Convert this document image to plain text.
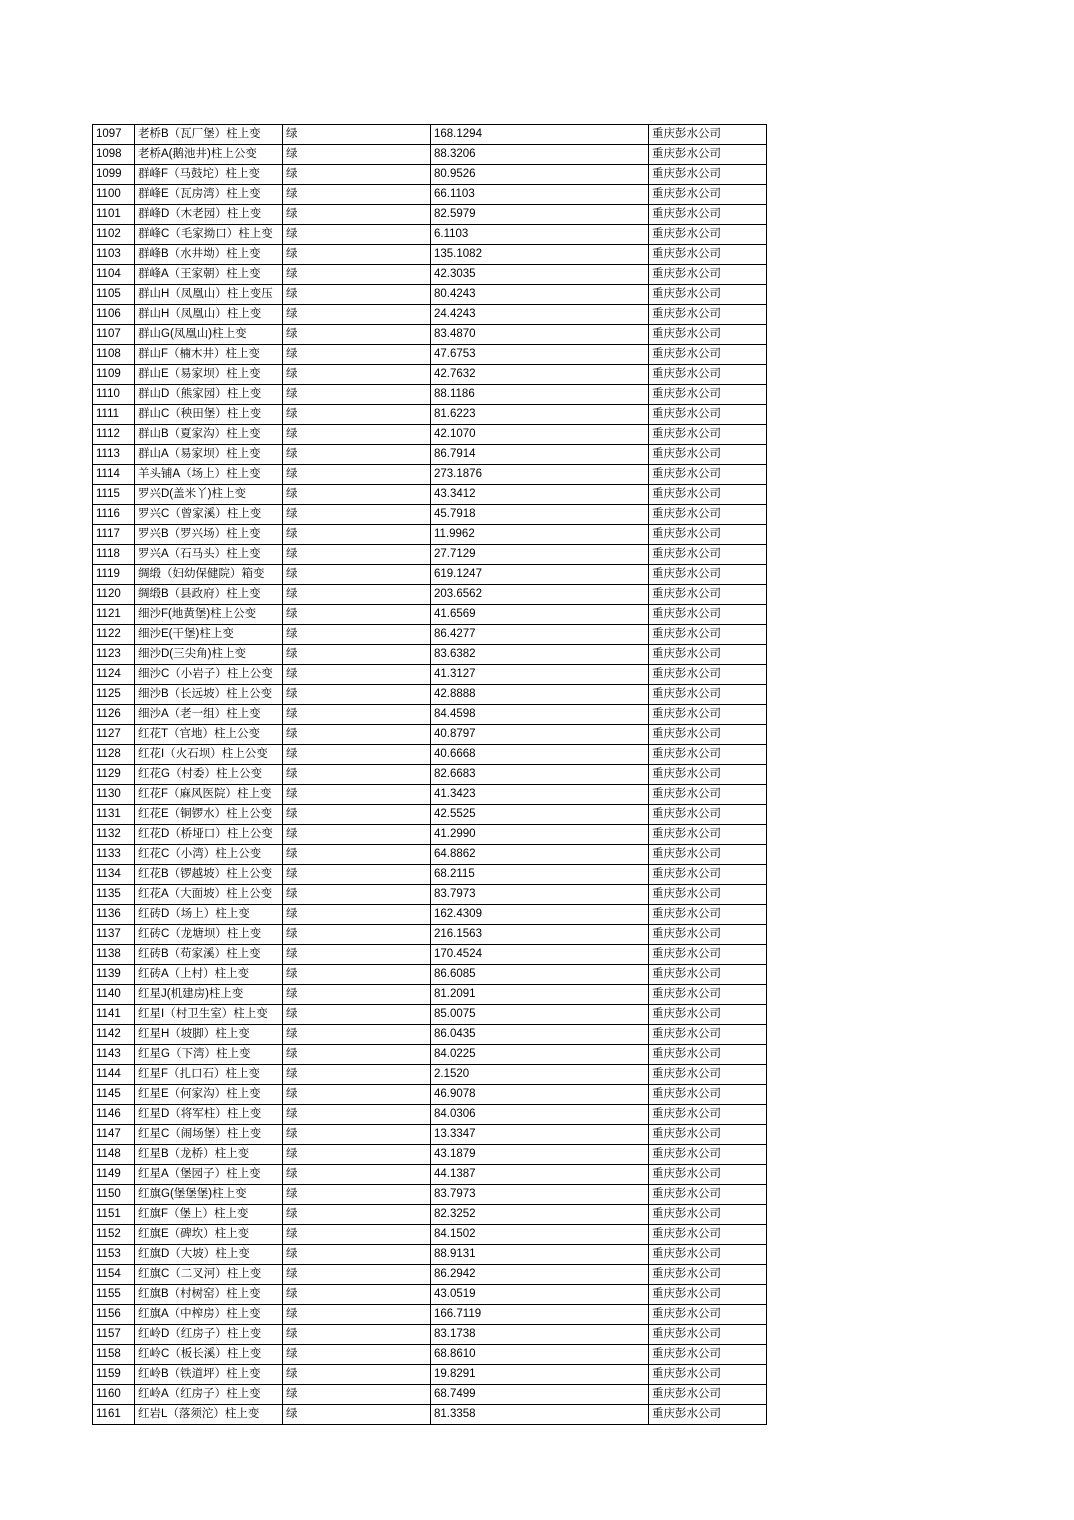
1097	老桥B（瓦厂堡）柱上变	绿	168.1294	重庆彭水公司
1098	老桥A(鹅池井)柱上公变	绿	88.3206	重庆彭水公司
1099	群峰F（马鼓坨）柱上变	绿	80.9526	重庆彭水公司
1100	群峰E（瓦房湾）柱上变	绿	66.1103	重庆彭水公司
1101	群峰D（木老园）柱上变	绿	82.5979	重庆彭水公司
1102	群峰C（毛家拗口）柱上变	绿	6.1103	重庆彭水公司
1103	群峰B（水井坳）柱上变	绿	135.1082	重庆彭水公司
1104	群峰A（王家朝）柱上变	绿	42.3035	重庆彭水公司
1105	群山H（凤凰山）柱上变压	绿	80.4243	重庆彭水公司
1106	群山H（凤凰山）柱上变	绿	24.4243	重庆彭水公司
1107	群山G(凤凰山)柱上变	绿	83.4870	重庆彭水公司
1108	群山F（楠木井）柱上变	绿	47.6753	重庆彭水公司
1109	群山E（易家坝）柱上变	绿	42.7632	重庆彭水公司
1110	群山D（熊家园）柱上变	绿	88.1186	重庆彭水公司
1111	群山C（秧田堡）柱上变	绿	81.6223	重庆彭水公司
1112	群山B（夏家沟）柱上变	绿	42.1070	重庆彭水公司
1113	群山A（易家坝）柱上变	绿	86.7914	重庆彭水公司
1114	羊头铺A（场上）柱上变	绿	273.1876	重庆彭水公司
1115	罗兴D(盖米丫)柱上变	绿	43.3412	重庆彭水公司
1116	罗兴C（曾家溪）柱上变	绿	45.7918	重庆彭水公司
1117	罗兴B（罗兴场）柱上变	绿	11.9962	重庆彭水公司
1118	罗兴A（石马头）柱上变	绿	27.7129	重庆彭水公司
1119	绸缎（妇幼保健院）箱变	绿	619.1247	重庆彭水公司
1120	绸缎B（县政府）柱上变	绿	203.6562	重庆彭水公司
1121	细沙F(地黄堡)柱上公变	绿	41.6569	重庆彭水公司
1122	细沙E(干堡)柱上变	绿	86.4277	重庆彭水公司
1123	细沙D(三尖角)柱上变	绿	83.6382	重庆彭水公司
1124	细沙C（小岩子）柱上公变	绿	41.3127	重庆彭水公司
1125	细沙B（长远坡）柱上公变	绿	42.8888	重庆彭水公司
1126	细沙A（老一组）柱上变	绿	84.4598	重庆彭水公司
1127	红花T（官地）柱上公变	绿	40.8797	重庆彭水公司
1128	红花I（火石坝）柱上公变	绿	40.6668	重庆彭水公司
1129	红花G（村委）柱上公变	绿	82.6683	重庆彭水公司
1130	红花F（麻风医院）柱上变	绿	41.3423	重庆彭水公司
1131	红花E（铜锣水）柱上公变	绿	42.5525	重庆彭水公司
1132	红花D（桥垭口）柱上公变	绿	41.2990	重庆彭水公司
1133	红花C（小湾）柱上公变	绿	64.8862	重庆彭水公司
1134	红花B（锣越坡）柱上公变	绿	68.2115	重庆彭水公司
1135	红花A（大面坡）柱上公变	绿	83.7973	重庆彭水公司
1136	红砖D（场上）柱上变	绿	162.4309	重庆彭水公司
1137	红砖C（龙塘坝）柱上变	绿	216.1563	重庆彭水公司
1138	红砖B（苟家溪）柱上变	绿	170.4524	重庆彭水公司
1139	红砖A（上村）柱上变	绿	86.6085	重庆彭水公司
1140	红星J(机建房)柱上变	绿	81.2091	重庆彭水公司
1141	红星I（村卫生室）柱上变	绿	85.0075	重庆彭水公司
1142	红星H（坡脚）柱上变	绿	86.0435	重庆彭水公司
1143	红星G（下湾）柱上变	绿	84.0225	重庆彭水公司
1144	红星F（扎口石）柱上变	绿	2.1520	重庆彭水公司
1145	红星E（何家沟）柱上变	绿	46.9078	重庆彭水公司
1146	红星D（将军柱）柱上变	绿	84.0306	重庆彭水公司
1147	红星C（闹场堡）柱上变	绿	13.3347	重庆彭水公司
1148	红星B（龙桥）柱上变	绿	43.1879	重庆彭水公司
1149	红星A（堡园子）柱上变	绿	44.1387	重庆彭水公司
1150	红旗G(堡堡堡)柱上变	绿	83.7973	重庆彭水公司
1151	红旗F（堡上）柱上变	绿	82.3252	重庆彭水公司
1152	红旗E（碑坎）柱上变	绿	84.1502	重庆彭水公司
1153	红旗D（大坡）柱上变	绿	88.9131	重庆彭水公司
1154	红旗C（二叉河）柱上变	绿	86.2942	重庆彭水公司
1155	红旗B（村树窑）柱上变	绿	43.0519	重庆彭水公司
1156	红旗A（中榨房）柱上变	绿	166.7119	重庆彭水公司
1157	红岭D（红房子）柱上变	绿	83.1738	重庆彭水公司
1158	红岭C（板长溪）柱上变	绿	68.8610	重庆彭水公司
1159	红岭B（铁道坪）柱上变	绿	19.8291	重庆彭水公司
1160	红岭A（红房子）柱上变	绿	68.7499	重庆彭水公司
1161	红岩L（落须沱）柱上变	绿	81.3358	重庆彭水公司
